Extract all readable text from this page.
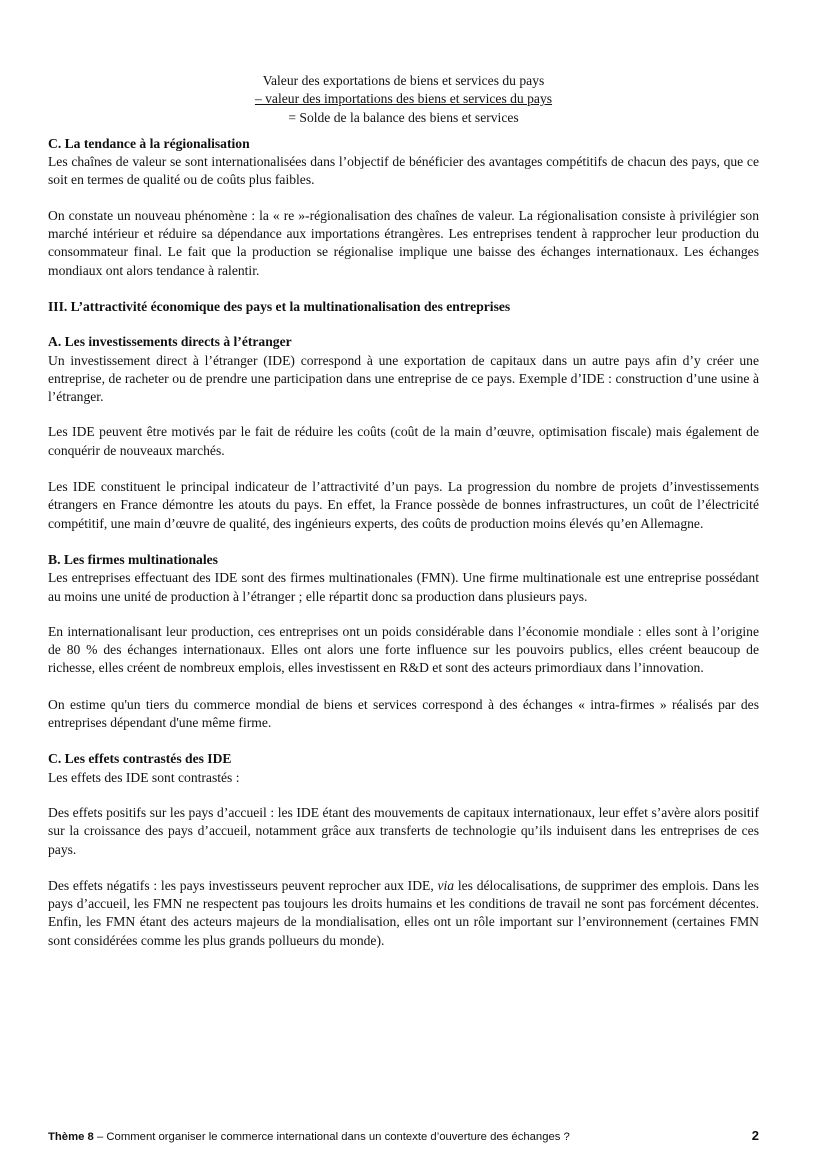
Valeur des exportations de biens et services du pays
– valeur des importations des biens et services du pays
= Solde de la balance des biens et services
C. La tendance à la régionalisation

Les chaînes de valeur se sont internationalisées dans l’objectif de bénéficier des avantages compétitifs de chacun des pays, que ce soit en termes de qualité ou de coûts plus faibles.

On constate un nouveau phénomène : la « re »-régionalisation des chaînes de valeur. La régionalisation consiste à privilégier son marché intérieur et réduire sa dépendance aux importations étrangères. Les entreprises tendent à rapprocher leur production du consommateur final. Le fait que la production se régionalise implique une baisse des échanges internationaux. Les échanges mondiaux ont alors tendance à ralentir.

III. L’attractivité économique des pays et la multinationalisation des entreprises
A. Les investissements directs à l’étranger

Un investissement direct à l’étranger (IDE) correspond à une exportation de capitaux dans un autre pays afin d’y créer une entreprise, de racheter ou de prendre une participation dans une entreprise de ce pays. Exemple d’IDE : construction d’une usine à l’étranger.

Les IDE peuvent être motivés par le fait de réduire les coûts (coût de la main d’œuvre, optimisation fiscale) mais également de conquérir de nouveaux marchés.

Les IDE constituent le principal indicateur de l’attractivité d’un pays. La progression du nombre de projets d’investissements étrangers en France démontre les atouts du pays. En effet, la France possède de bonnes infrastructures, un coût de l’électricité compétitif, une main d’œuvre de qualité, des ingénieurs experts, des coûts de production moins élevés qu’en Allemagne.

B. Les firmes multinationales

Les entreprises effectuant des IDE sont des firmes multinationales (FMN). Une firme multinationale est une entreprise possédant au moins une unité de production à l’étranger ; elle répartit donc sa production dans plusieurs pays.

En internationalisant leur production, ces entreprises ont un poids considérable dans l’économie mondiale : elles sont à l’origine de 80 % des échanges internationaux. Elles ont alors une forte influence sur les pouvoirs publics, elles créent beaucoup de richesse, elles créent de nombreux emplois, elles investissent en R&D et sont des acteurs primordiaux dans l’innovation.

On estime qu'un tiers du commerce mondial de biens et services correspond à des échanges « intra-firmes » réalisés par des entreprises dépendant d'une même firme.

C. Les effets contrastés des IDE

Les effets des IDE sont contrastés :

Des effets positifs sur les pays d’accueil : les IDE étant des mouvements de capitaux internationaux, leur effet s’avère alors positif sur la croissance des pays d’accueil, notamment grâce aux transferts de technologie qu’ils induisent dans les entreprises de ces pays.

Des effets négatifs : les pays investisseurs peuvent reprocher aux IDE, via les délocalisations, de supprimer des emplois. Dans les pays d’accueil, les FMN ne respectent pas toujours les droits humains et les conditions de travail ne sont pas forcément décentes. Enfin, les FMN étant des acteurs majeurs de la mondialisation, elles ont un rôle important sur l’environnement (certaines FMN sont considérées comme les plus grands pollueurs du monde).

Thème 8 – Comment organiser le commerce international dans un contexte d’ouverture des échanges ?	2
